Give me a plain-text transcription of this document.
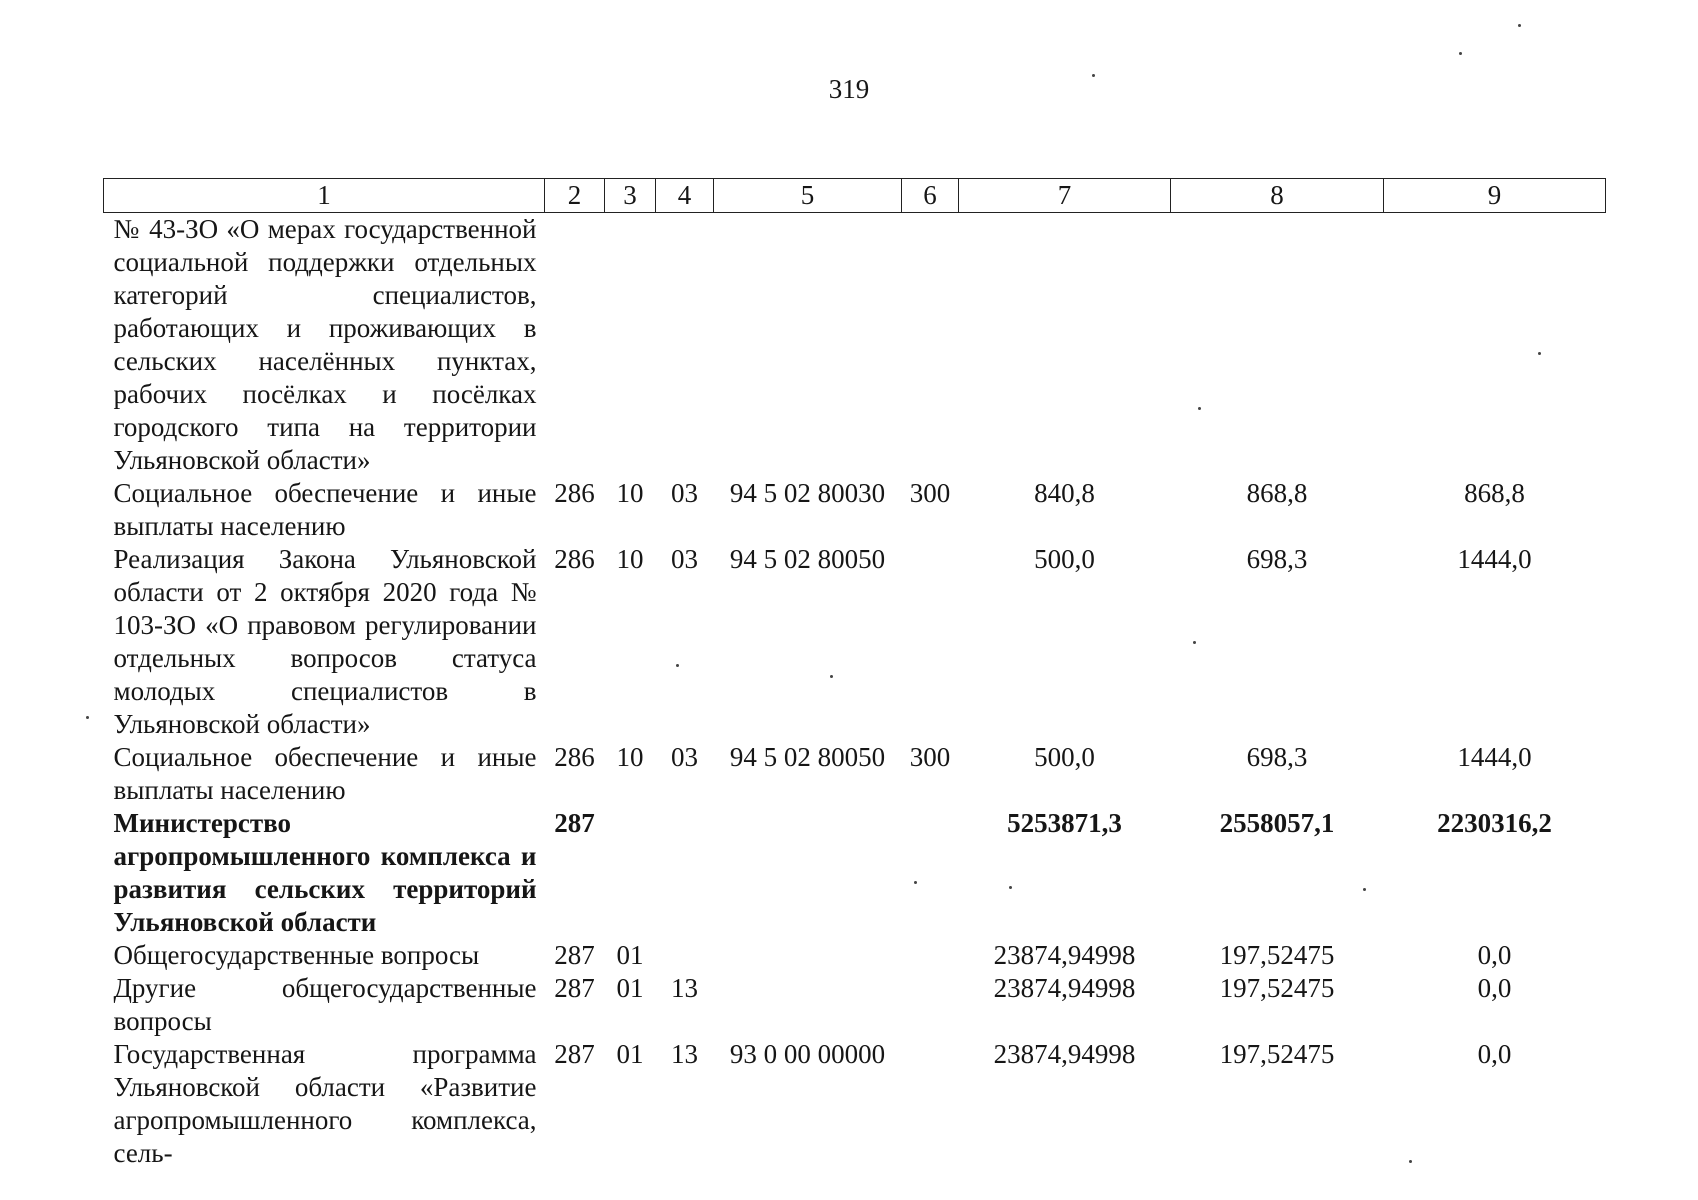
319
1	2	3	4	5	6	7	8	9
№ 43-ЗО «О мерах государственной социальной поддержки отдельных категорий специалистов, работающих и проживающих в сельских населённых пунктах, рабочих посёлках и посёлках городского типа на территории Ульяновской области»								
Социальное обеспечение и иные выплаты населению	286	10	03	94 5 02 80030	300	840,8	868,8	868,8
Реализация Закона Ульяновской области от 2 октября 2020 года № 103-ЗО «О правовом регулировании отдельных вопросов статуса молодых специалистов в Ульяновской области»	286	10	03	94 5 02 80050		500,0	698,3	1444,0
Социальное обеспечение и иные выплаты населению	286	10	03	94 5 02 80050	300	500,0	698,3	1444,0
Министерство агропромышленного комплекса и развития сельских территорий Ульяновской области	287					5253871,3	2558057,1	2230316,2
Общегосударственные вопросы	287	01				23874,94998	197,52475	0,0
Другие общегосударственные вопросы	287	01	13			23874,94998	197,52475	0,0
Государственная программа Ульяновской области «Развитие агропромышленного комплекса, сель-	287	01	13	93 0 00 00000		23874,94998	197,52475	0,0
